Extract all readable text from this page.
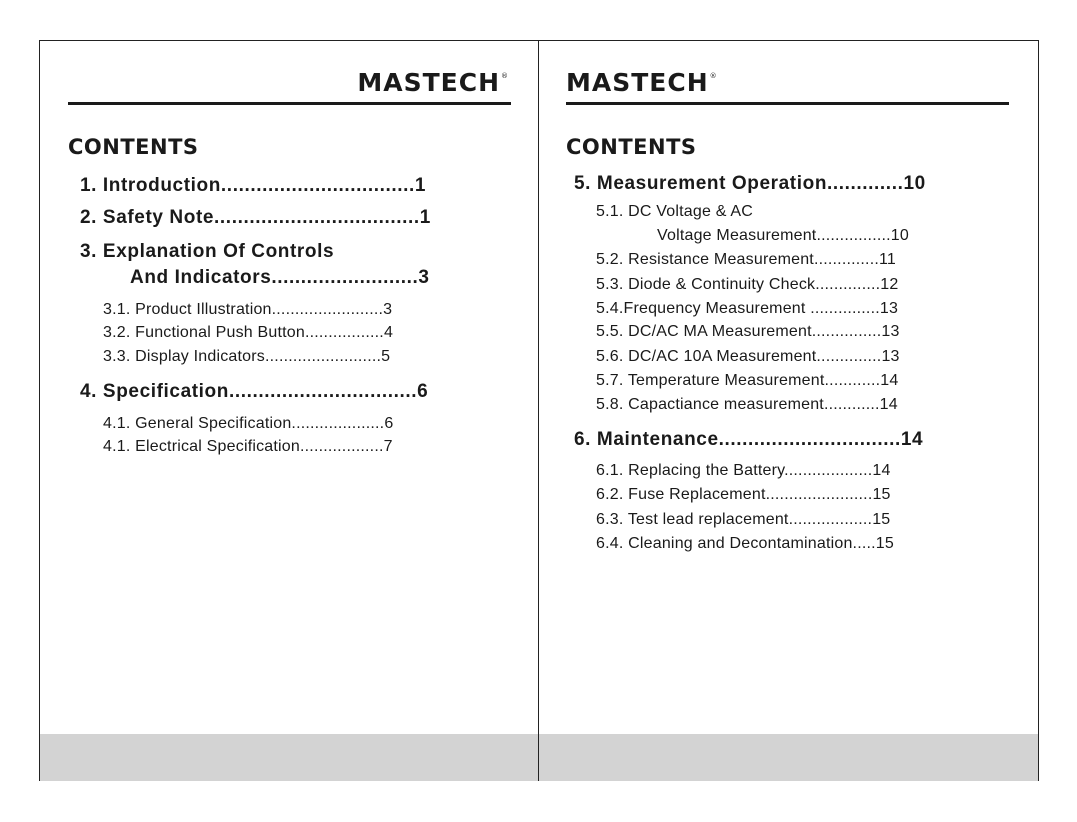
MASTECH®
CONTENTS
1. Introduction.................................1
2. Safety Note...................................1
3. Explanation Of Controls
And Indicators.........................3
3.1. Product Illustration........................3
3.2. Functional Push Button.................4
3.3. Display Indicators.........................5
4. Specification................................6
4.1. General Specification....................6
4.1. Electrical Specification..................7
MASTECH®
CONTENTS
5. Measurement Operation.............10
5.1. DC Voltage & AC
Voltage Measurement................10
5.2. Resistance Measurement..............11
5.3. Diode & Continuity Check..............12
5.4.Frequency Measurement ...............13
5.5. DC/AC MA Measurement...............13
5.6. DC/AC 10A Measurement..............13
5.7. Temperature Measurement............14
5.8. Capactiance measurement............14
6. Maintenance...............................14
6.1. Replacing the Battery...................14
6.2. Fuse Replacement.......................15
6.3. Test lead replacement..................15
6.4. Cleaning and Decontamination.....15
